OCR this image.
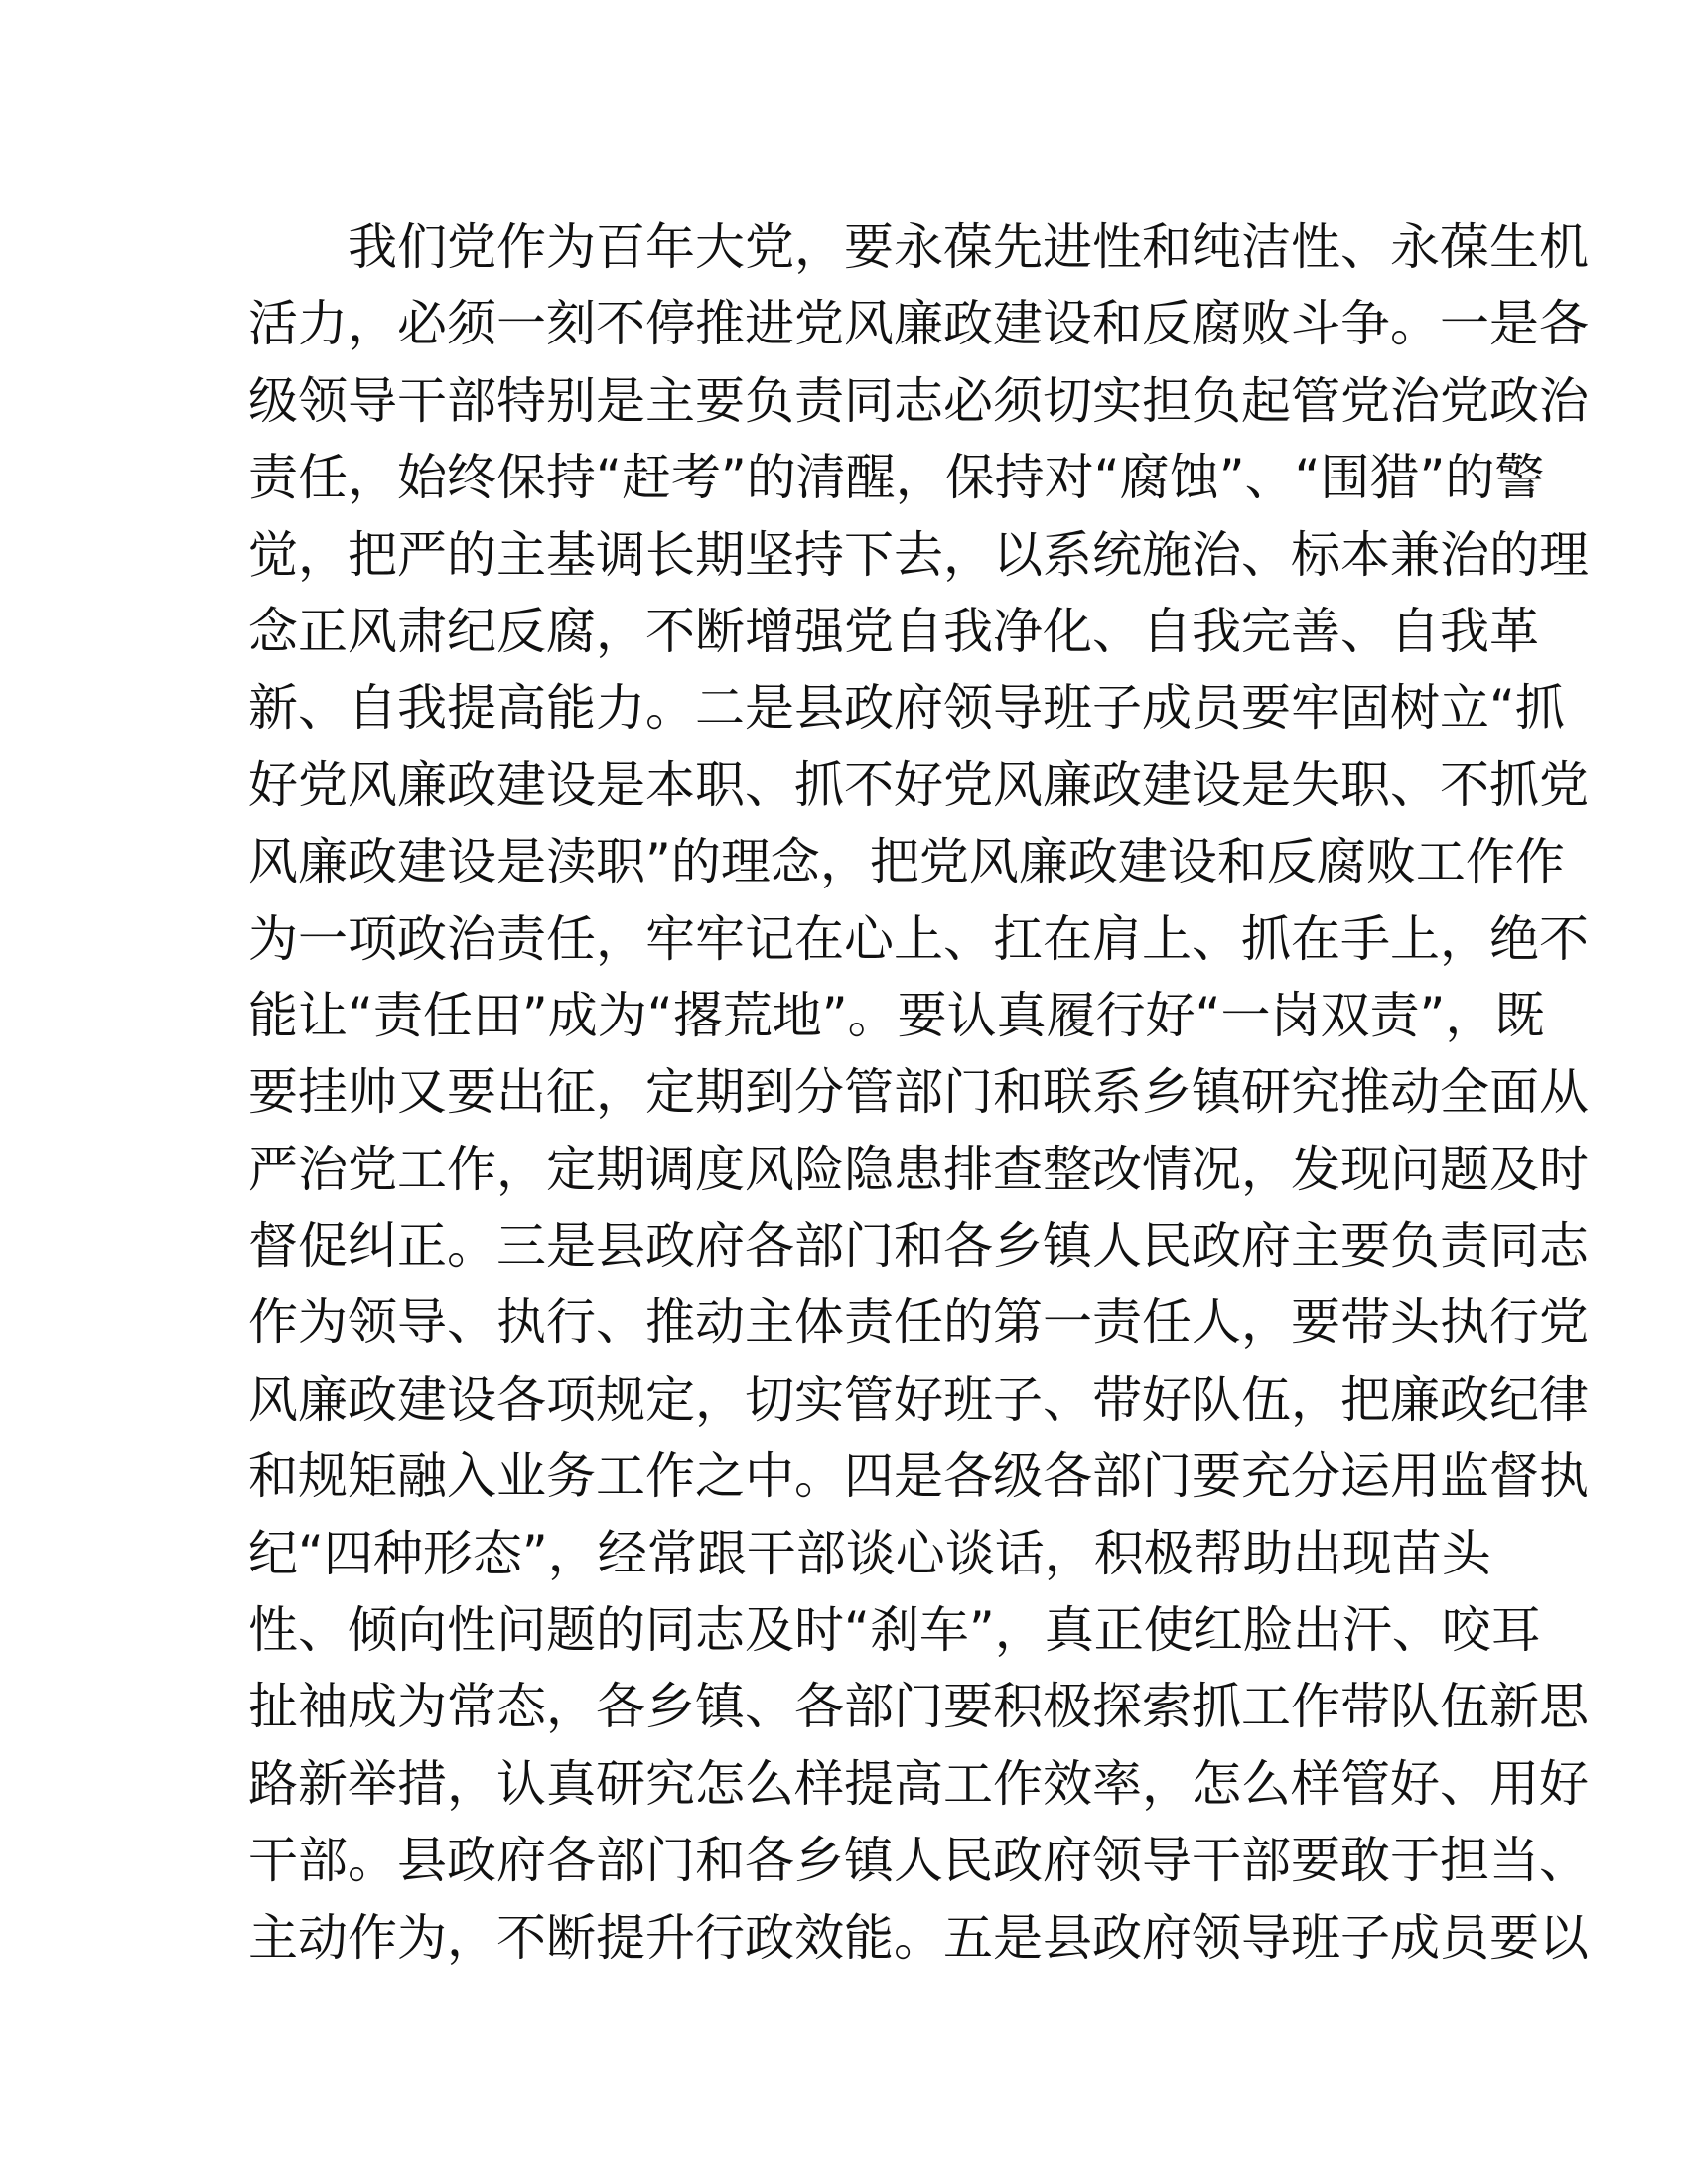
我们党作为百年大党，要永葆先进性和纯洁性、永葆生机
活力，必须一刻不停推进党风廉政建设和反腐败斗争。一是各
级领导干部特别是主要负责同志必须切实担负起管党治党政治
责任，始终保持“赶考”的清醒，保持对“腐蚀”、“围猎”的警
觉，把严的主基调长期坚持下去，以系统施治、标本兼治的理
念正风肃纪反腐，不断增强党自我净化、自我完善、自我革
新、自我提高能力。二是县政府领导班子成员要牢固树立“抓
好党风廉政建设是本职、抓不好党风廉政建设是失职、不抓党
风廉政建设是渎职”的理念，把党风廉政建设和反腐败工作作
为一项政治责任，牢牢记在心上、扛在肩上、抓在手上，绝不
能让“责任田”成为“撂荒地”。要认真履行好“一岗双责”，既
要挂帅又要出征，定期到分管部门和联系乡镇研究推动全面从
严治党工作，定期调度风险隐患排查整改情况，发现问题及时
督促纠正。三是县政府各部门和各乡镇人民政府主要负责同志
作为领导、执行、推动主体责任的第一责任人，要带头执行党
风廉政建设各项规定，切实管好班子、带好队伍，把廉政纪律
和规矩融入业务工作之中。四是各级各部门要充分运用监督执
纪“四种形态”，经常跟干部谈心谈话，积极帮助出现苗头
性、倾向性问题的同志及时“刹车”，真正使红脸出汗、咬耳
扯袖成为常态，各乡镇、各部门要积极探索抓工作带队伍新思
路新举措，认真研究怎么样提高工作效率，怎么样管好、用好
干部。县政府各部门和各乡镇人民政府领导干部要敢于担当、
主动作为，不断提升行政效能。五是县政府领导班子成员要以
